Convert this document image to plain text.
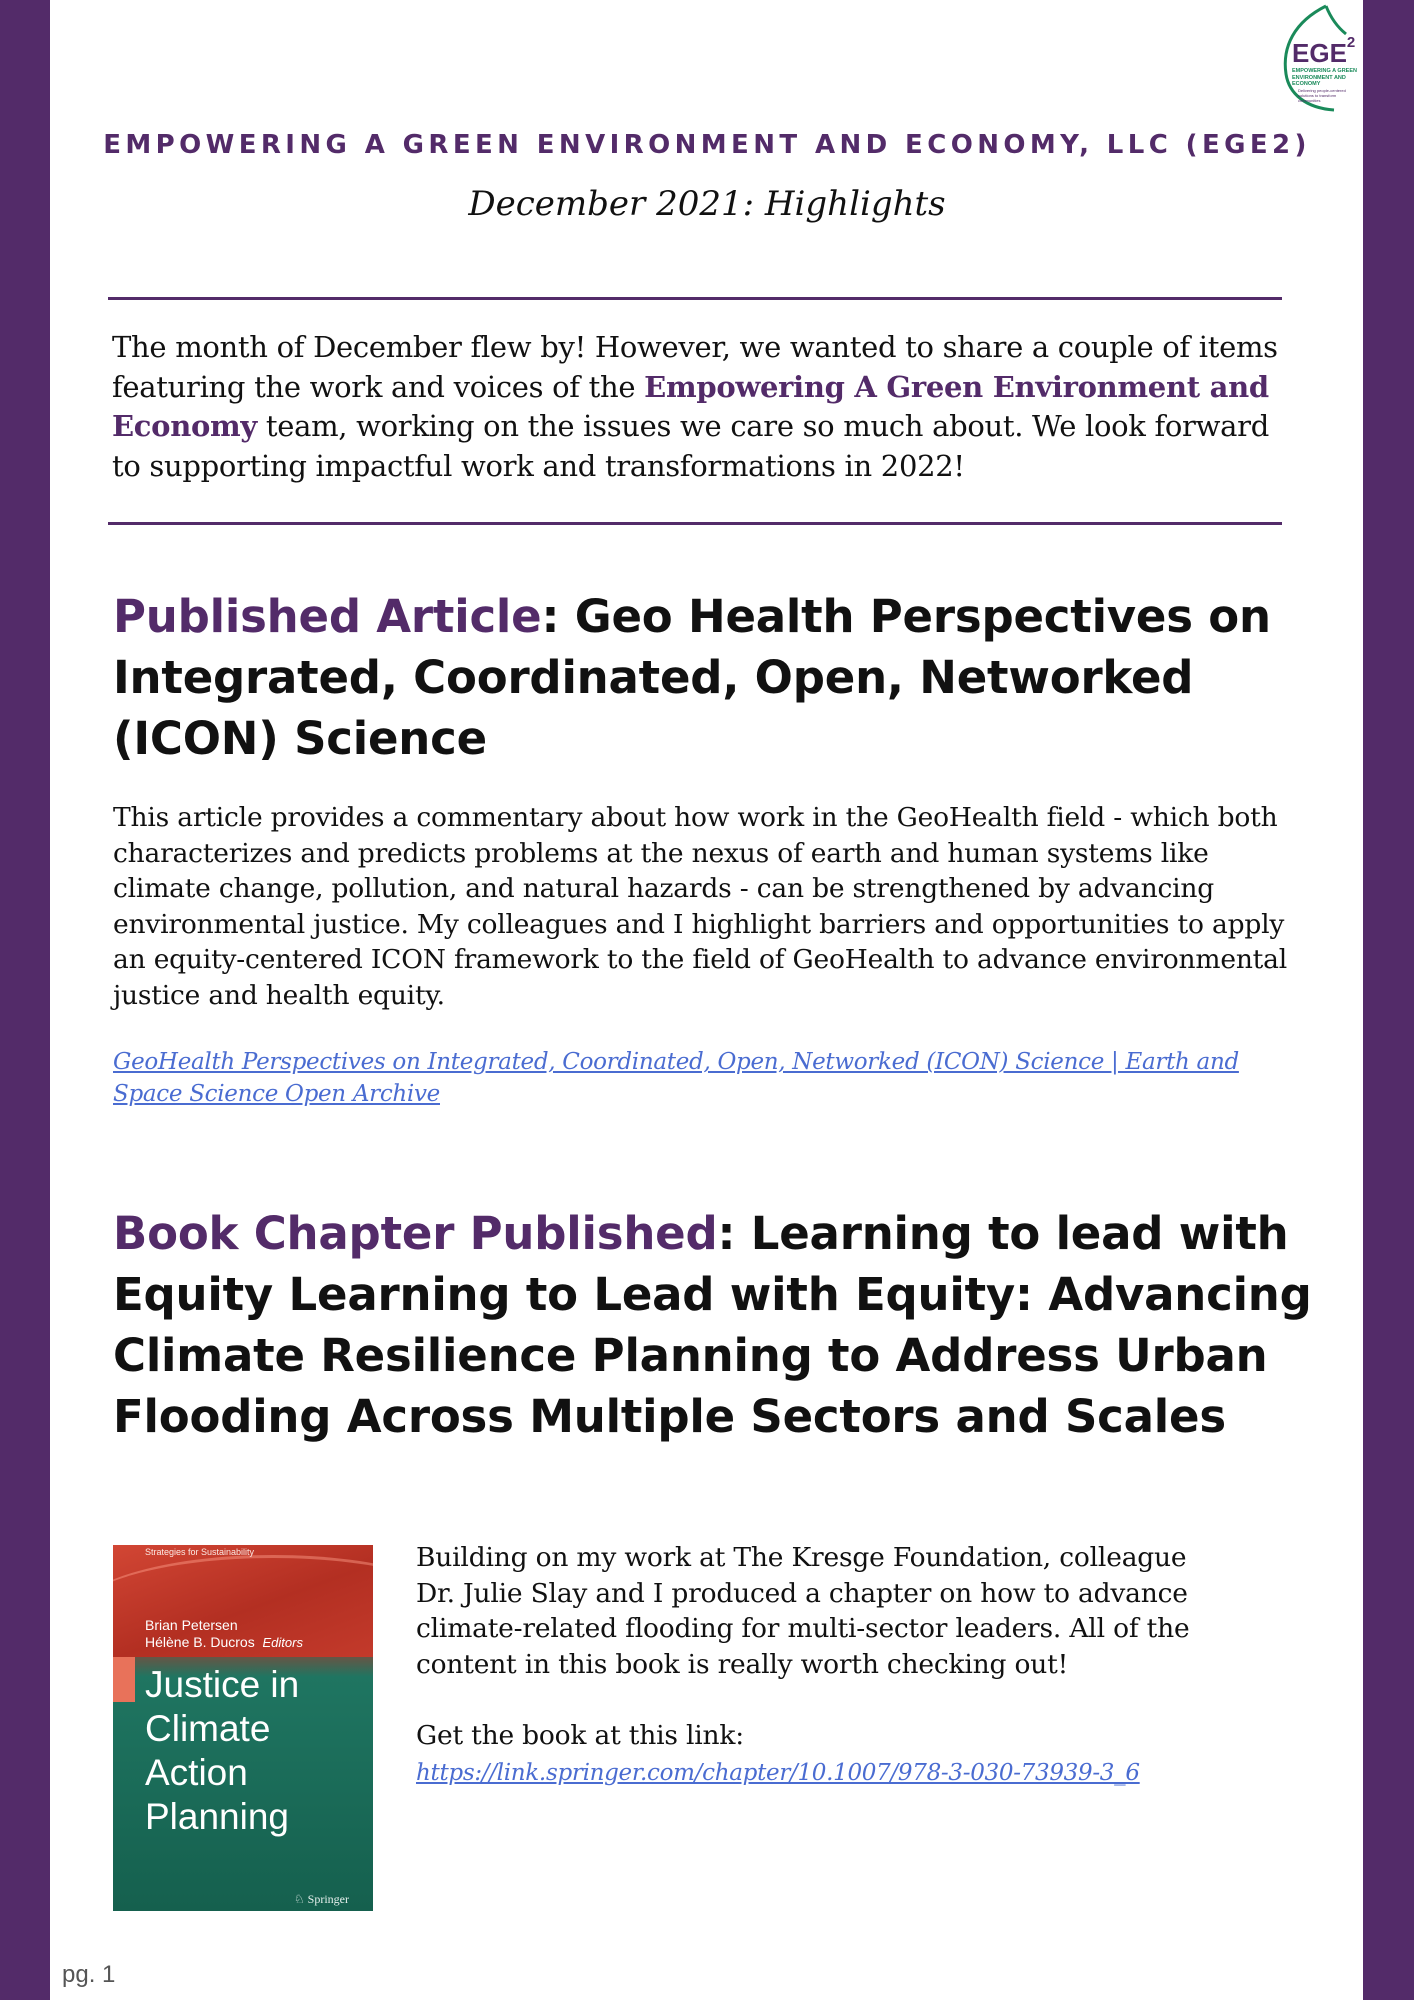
EGE$^2$
EMPOWERING A GREEN ENVIRONMENT AND ECONOMY
Delivering people-centered solutions to transform communities
EMPOWERING A GREEN ENVIRONMENT AND ECONOMY, LLC (EGE2)
December 2021: Highlights
The month of December flew by! However, we wanted to share a couple of items featuring the work and voices of the Empowering A Green Environment and Economy team, working on the issues we care so much about. We look forward to supporting impactful work and transformations in 2022!
Published Article: Geo Health Perspectives on Integrated, Coordinated, Open, Networked (ICON) Science
This article provides a commentary about how work in the GeoHealth field - which both characterizes and predicts problems at the nexus of earth and human systems like climate change, pollution, and natural hazards - can be strengthened by advancing environmental justice. My colleagues and I highlight barriers and opportunities to apply an equity-centered ICON framework to the field of GeoHealth to advance environmental justice and health equity.
GeoHealth Perspectives on Integrated, Coordinated, Open, Networked (ICON) Science | Earth and Space Science Open Archive
Book Chapter Published: Learning to lead with Equity Learning to Lead with Equity: Advancing Climate Resilience Planning to Address Urban Flooding Across Multiple Sectors and Scales
Strategies for Sustainability
Brian Petersen
Hélène B. Ducros Editors
Justice in Climate Action Planning
♘ Springer

Building on my work at The Kresge Foundation, colleague Dr. Julie Slay and I produced a chapter on how to advance climate-related flooding for multi-sector leaders. All of the content in this book is really worth checking out!

Get the book at this link:

https://link.springer.com/chapter/10.1007/978-3-030-73939-3_6

pg. 1
